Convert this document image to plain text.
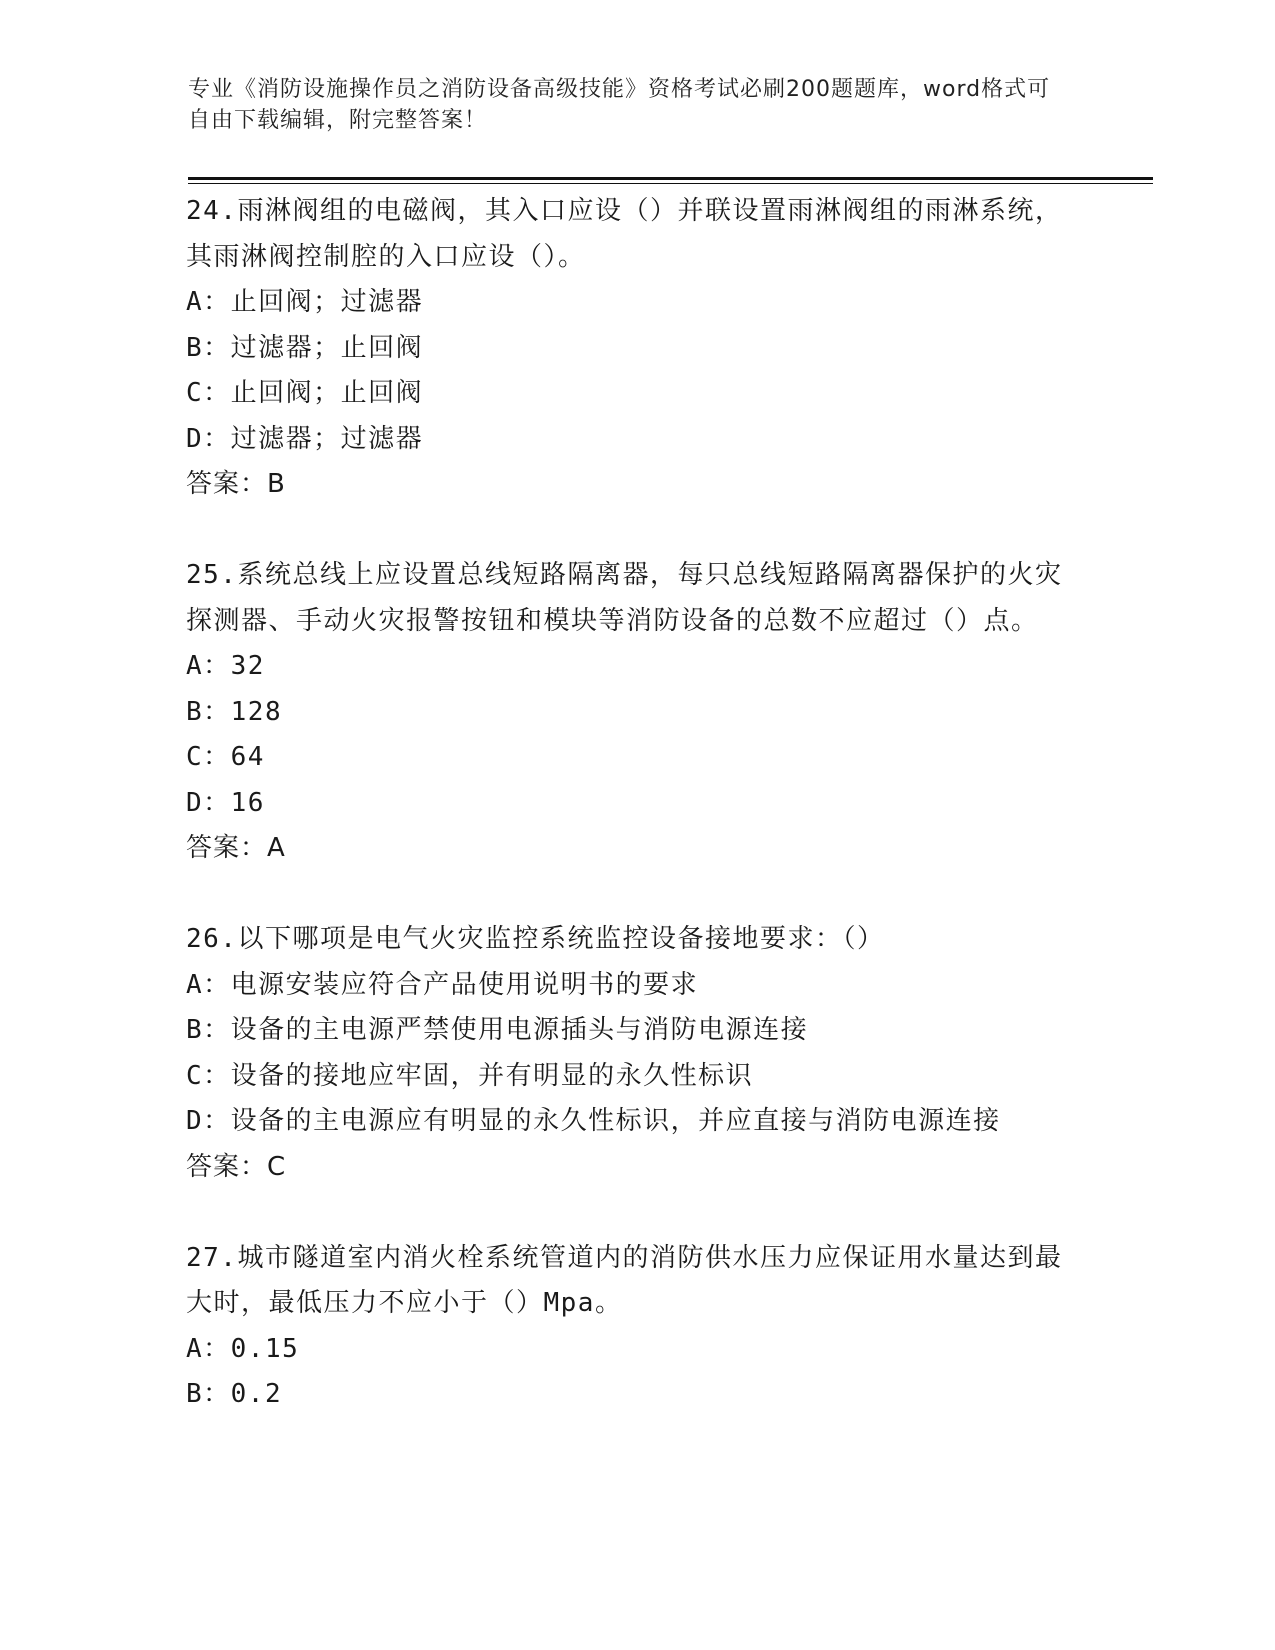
专业《消防设施操作员之消防设备高级技能》资格考试必刷200题题库，word格式可自由下载编辑，附完整答案！
24.雨淋阀组的电磁阀，其入口应设（）并联设置雨淋阀组的雨淋系统，其雨淋阀控制腔的入口应设（）。
A：止回阀；过滤器
B：过滤器；止回阀
C：止回阀；止回阀
D：过滤器；过滤器
答案：B
25.系统总线上应设置总线短路隔离器，每只总线短路隔离器保护的火灾探测器、手动火灾报警按钮和模块等消防设备的总数不应超过（）点。
A：32
B：128
C：64
D：16
答案：A
26.以下哪项是电气火灾监控系统监控设备接地要求：（）
A：电源安装应符合产品使用说明书的要求
B：设备的主电源严禁使用电源插头与消防电源连接
C：设备的接地应牢固，并有明显的永久性标识
D：设备的主电源应有明显的永久性标识，并应直接与消防电源连接
答案：C
27.城市隧道室内消火栓系统管道内的消防供水压力应保证用水量达到最大时，最低压力不应小于（）Mpa。
A：0.15
B：0.2
